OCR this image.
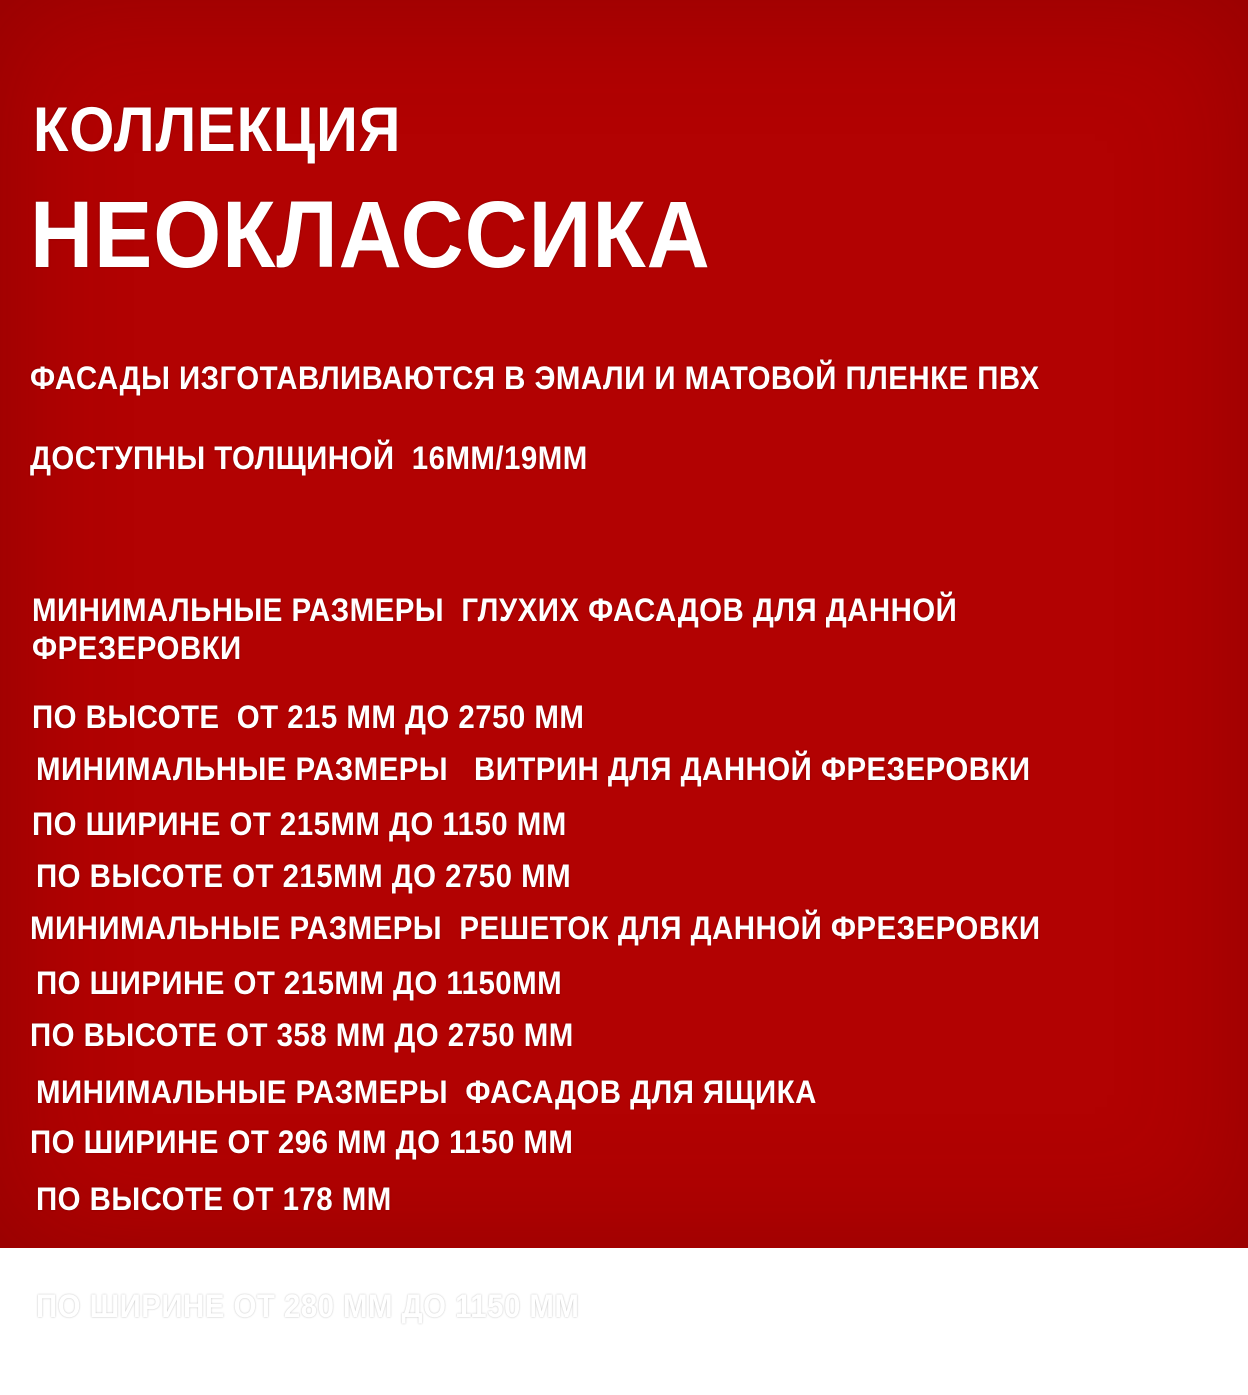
КОЛЛЕКЦИЯ
НЕОКЛАССИКА
ФАСАДЫ ИЗГОТАВЛИВАЮТСЯ В ЭМАЛИ И МАТОВОЙ ПЛЕНКЕ ПВХ
ДОСТУПНЫ ТОЛЩИНОЙ  16ММ/19ММ

МИНИМАЛЬНЫЕ РАЗМЕРЫ  ГЛУХИХ ФАСАДОВ ДЛЯ ДАННОЙ ФРЕЗЕРОВКИ

ПО ВЫСОТЕ  ОТ 215 ММ ДО 2750 ММ

ПО ШИРИНЕ ОТ 215ММ ДО 1150 ММ

МИНИМАЛЬНЫЕ РАЗМЕРЫ   ВИТРИН ДЛЯ ДАННОЙ ФРЕЗЕРОВКИ

ПО ВЫСОТЕ ОТ 215ММ ДО 2750 ММ

ПО ШИРИНЕ ОТ 215ММ ДО 1150ММ

МИНИМАЛЬНЫЕ РАЗМЕРЫ  РЕШЕТОК ДЛЯ ДАННОЙ ФРЕЗЕРОВКИ

ПО ВЫСОТЕ ОТ 358 ММ ДО 2750 ММ

ПО ШИРИНЕ ОТ 296 ММ ДО 1150 ММ

МИНИМАЛЬНЫЕ РАЗМЕРЫ  ФАСАДОВ ДЛЯ ЯЩИКА

ПО ВЫСОТЕ ОТ 178 ММ

ПО ШИРИНЕ ОТ 280 ММ ДО 1150 ММ
